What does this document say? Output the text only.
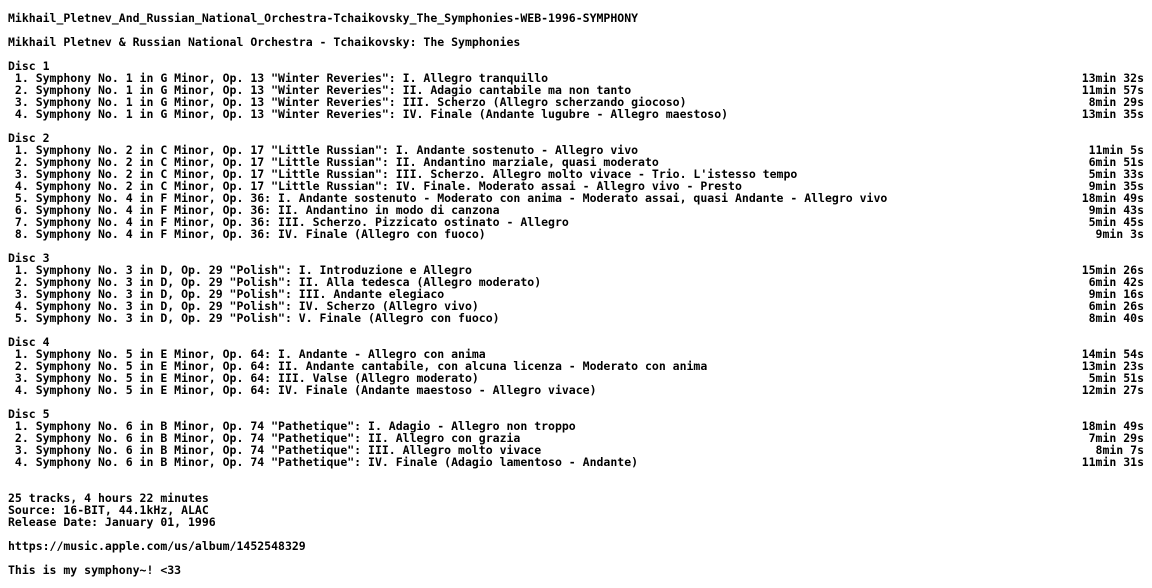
Mikhail_Pletnev_And_Russian_National_Orchestra-Tchaikovsky_The_Symphonies-WEB-1996-SYMPHONY
Mikhail Pletnev & Russian National Orchestra - Tchaikovsky: The Symphonies
Disc 1
1. Symphony No. 1 in G Minor, Op. 13 "Winter Reveries": I. Allegro tranquillo	13min 32s
2. Symphony No. 1 in G Minor, Op. 13 "Winter Reveries": II. Adagio cantabile ma non tanto	11min 57s
3. Symphony No. 1 in G Minor, Op. 13 "Winter Reveries": III. Scherzo (Allegro scherzando giocoso)	8min 29s
4. Symphony No. 1 in G Minor, Op. 13 "Winter Reveries": IV. Finale (Andante lugubre - Allegro maestoso)	13min 35s
Disc 2
1. Symphony No. 2 in C Minor, Op. 17 "Little Russian": I. Andante sostenuto - Allegro vivo	11min 5s
2. Symphony No. 2 in C Minor, Op. 17 "Little Russian": II. Andantino marziale, quasi moderato	6min 51s
3. Symphony No. 2 in C Minor, Op. 17 "Little Russian": III. Scherzo. Allegro molto vivace - Trio. L'istesso tempo	5min 33s
4. Symphony No. 2 in C Minor, Op. 17 "Little Russian": IV. Finale. Moderato assai - Allegro vivo - Presto	9min 35s
5. Symphony No. 4 in F Minor, Op. 36: I. Andante sostenuto - Moderato con anima - Moderato assai, quasi Andante - Allegro vivo	18min 49s
6. Symphony No. 4 in F Minor, Op. 36: II. Andantino in modo di canzona	9min 43s
7. Symphony No. 4 in F Minor, Op. 36: III. Scherzo. Pizzicato ostinato - Allegro	5min 45s
8. Symphony No. 4 in F Minor, Op. 36: IV. Finale (Allegro con fuoco)	9min 3s
Disc 3
1. Symphony No. 3 in D, Op. 29 "Polish": I. Introduzione e Allegro	15min 26s
2. Symphony No. 3 in D, Op. 29 "Polish": II. Alla tedesca (Allegro moderato)	6min 42s
3. Symphony No. 3 in D, Op. 29 "Polish": III. Andante elegiaco	9min 16s
4. Symphony No. 3 in D, Op. 29 "Polish": IV. Scherzo (Allegro vivo)	6min 26s
5. Symphony No. 3 in D, Op. 29 "Polish": V. Finale (Allegro con fuoco)	8min 40s
Disc 4
1. Symphony No. 5 in E Minor, Op. 64: I. Andante - Allegro con anima	14min 54s
2. Symphony No. 5 in E Minor, Op. 64: II. Andante cantabile, con alcuna licenza - Moderato con anima	13min 23s
3. Symphony No. 5 in E Minor, Op. 64: III. Valse (Allegro moderato)	5min 51s
4. Symphony No. 5 in E Minor, Op. 64: IV. Finale (Andante maestoso - Allegro vivace)	12min 27s
Disc 5
1. Symphony No. 6 in B Minor, Op. 74 "Pathetique": I. Adagio - Allegro non troppo	18min 49s
2. Symphony No. 6 in B Minor, Op. 74 "Pathetique": II. Allegro con grazia	7min 29s
3. Symphony No. 6 in B Minor, Op. 74 "Pathetique": III. Allegro molto vivace	8min 7s
4. Symphony No. 6 in B Minor, Op. 74 "Pathetique": IV. Finale (Adagio lamentoso - Andante)	11min 31s
25 tracks, 4 hours 22 minutes
Source: 16-BIT, 44.1kHz, ALAC
Release Date: January 01, 1996
https://music.apple.com/us/album/1452548329
This is my symphony~! <33
